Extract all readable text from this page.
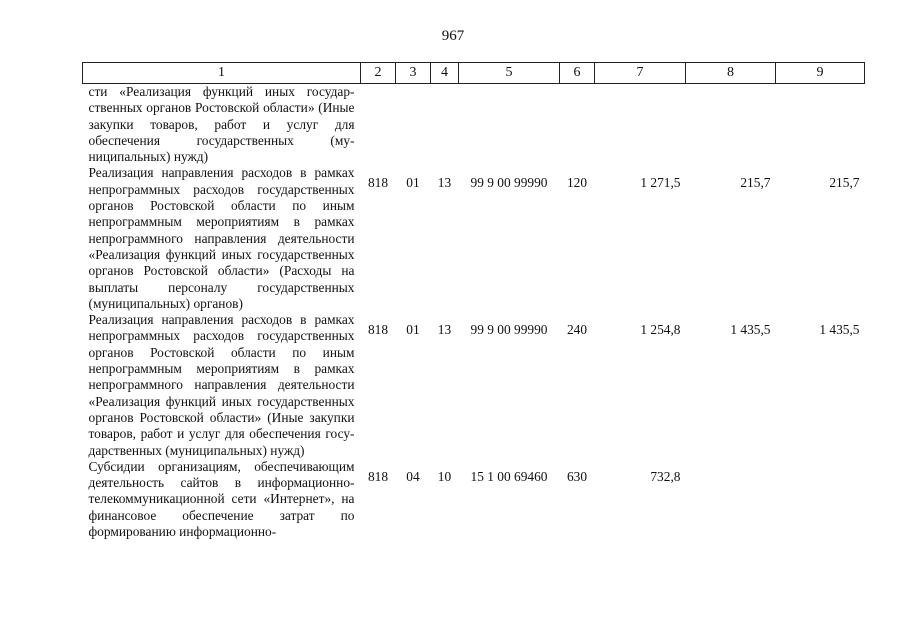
967
1	2	3	4	5	6	7	8	9
сти «Реализация функций иных государственных органов Ростовской области» (Иные закупки товаров, работ и услуг для обеспечения государственных (муниципальных) нужд)								
Реализация направления расходов в рамках непрограммных расходов государственных органов Ростовской области по иным непрограммным мероприятиям в рамках непрограммного направления деятельности «Реализация функций иных государственных органов Ростовской области» (Расходы на выплаты персоналу государственных (муниципальных) органов)	818	01	13	99 9 00 99990	120	1 271,5	215,7	215,7
Реализация направления расходов в рамках непрограммных расходов государственных органов Ростовской области по иным непрограммным мероприятиям в рамках непрограммного направления деятельности «Реализация функций иных государственных органов Ростовской области» (Иные закупки товаров, работ и услуг для обеспечения государственных (муниципальных) нужд)	818	01	13	99 9 00 99990	240	1 254,8	1 435,5	1 435,5
Субсидии организациям, обеспечивающим деятельность сайтов в информационно-телекоммуникационной сети «Интернет», на финансовое обеспечение затрат по формированию информационно-	818	04	10	15 1 00 69460	630	732,8		
